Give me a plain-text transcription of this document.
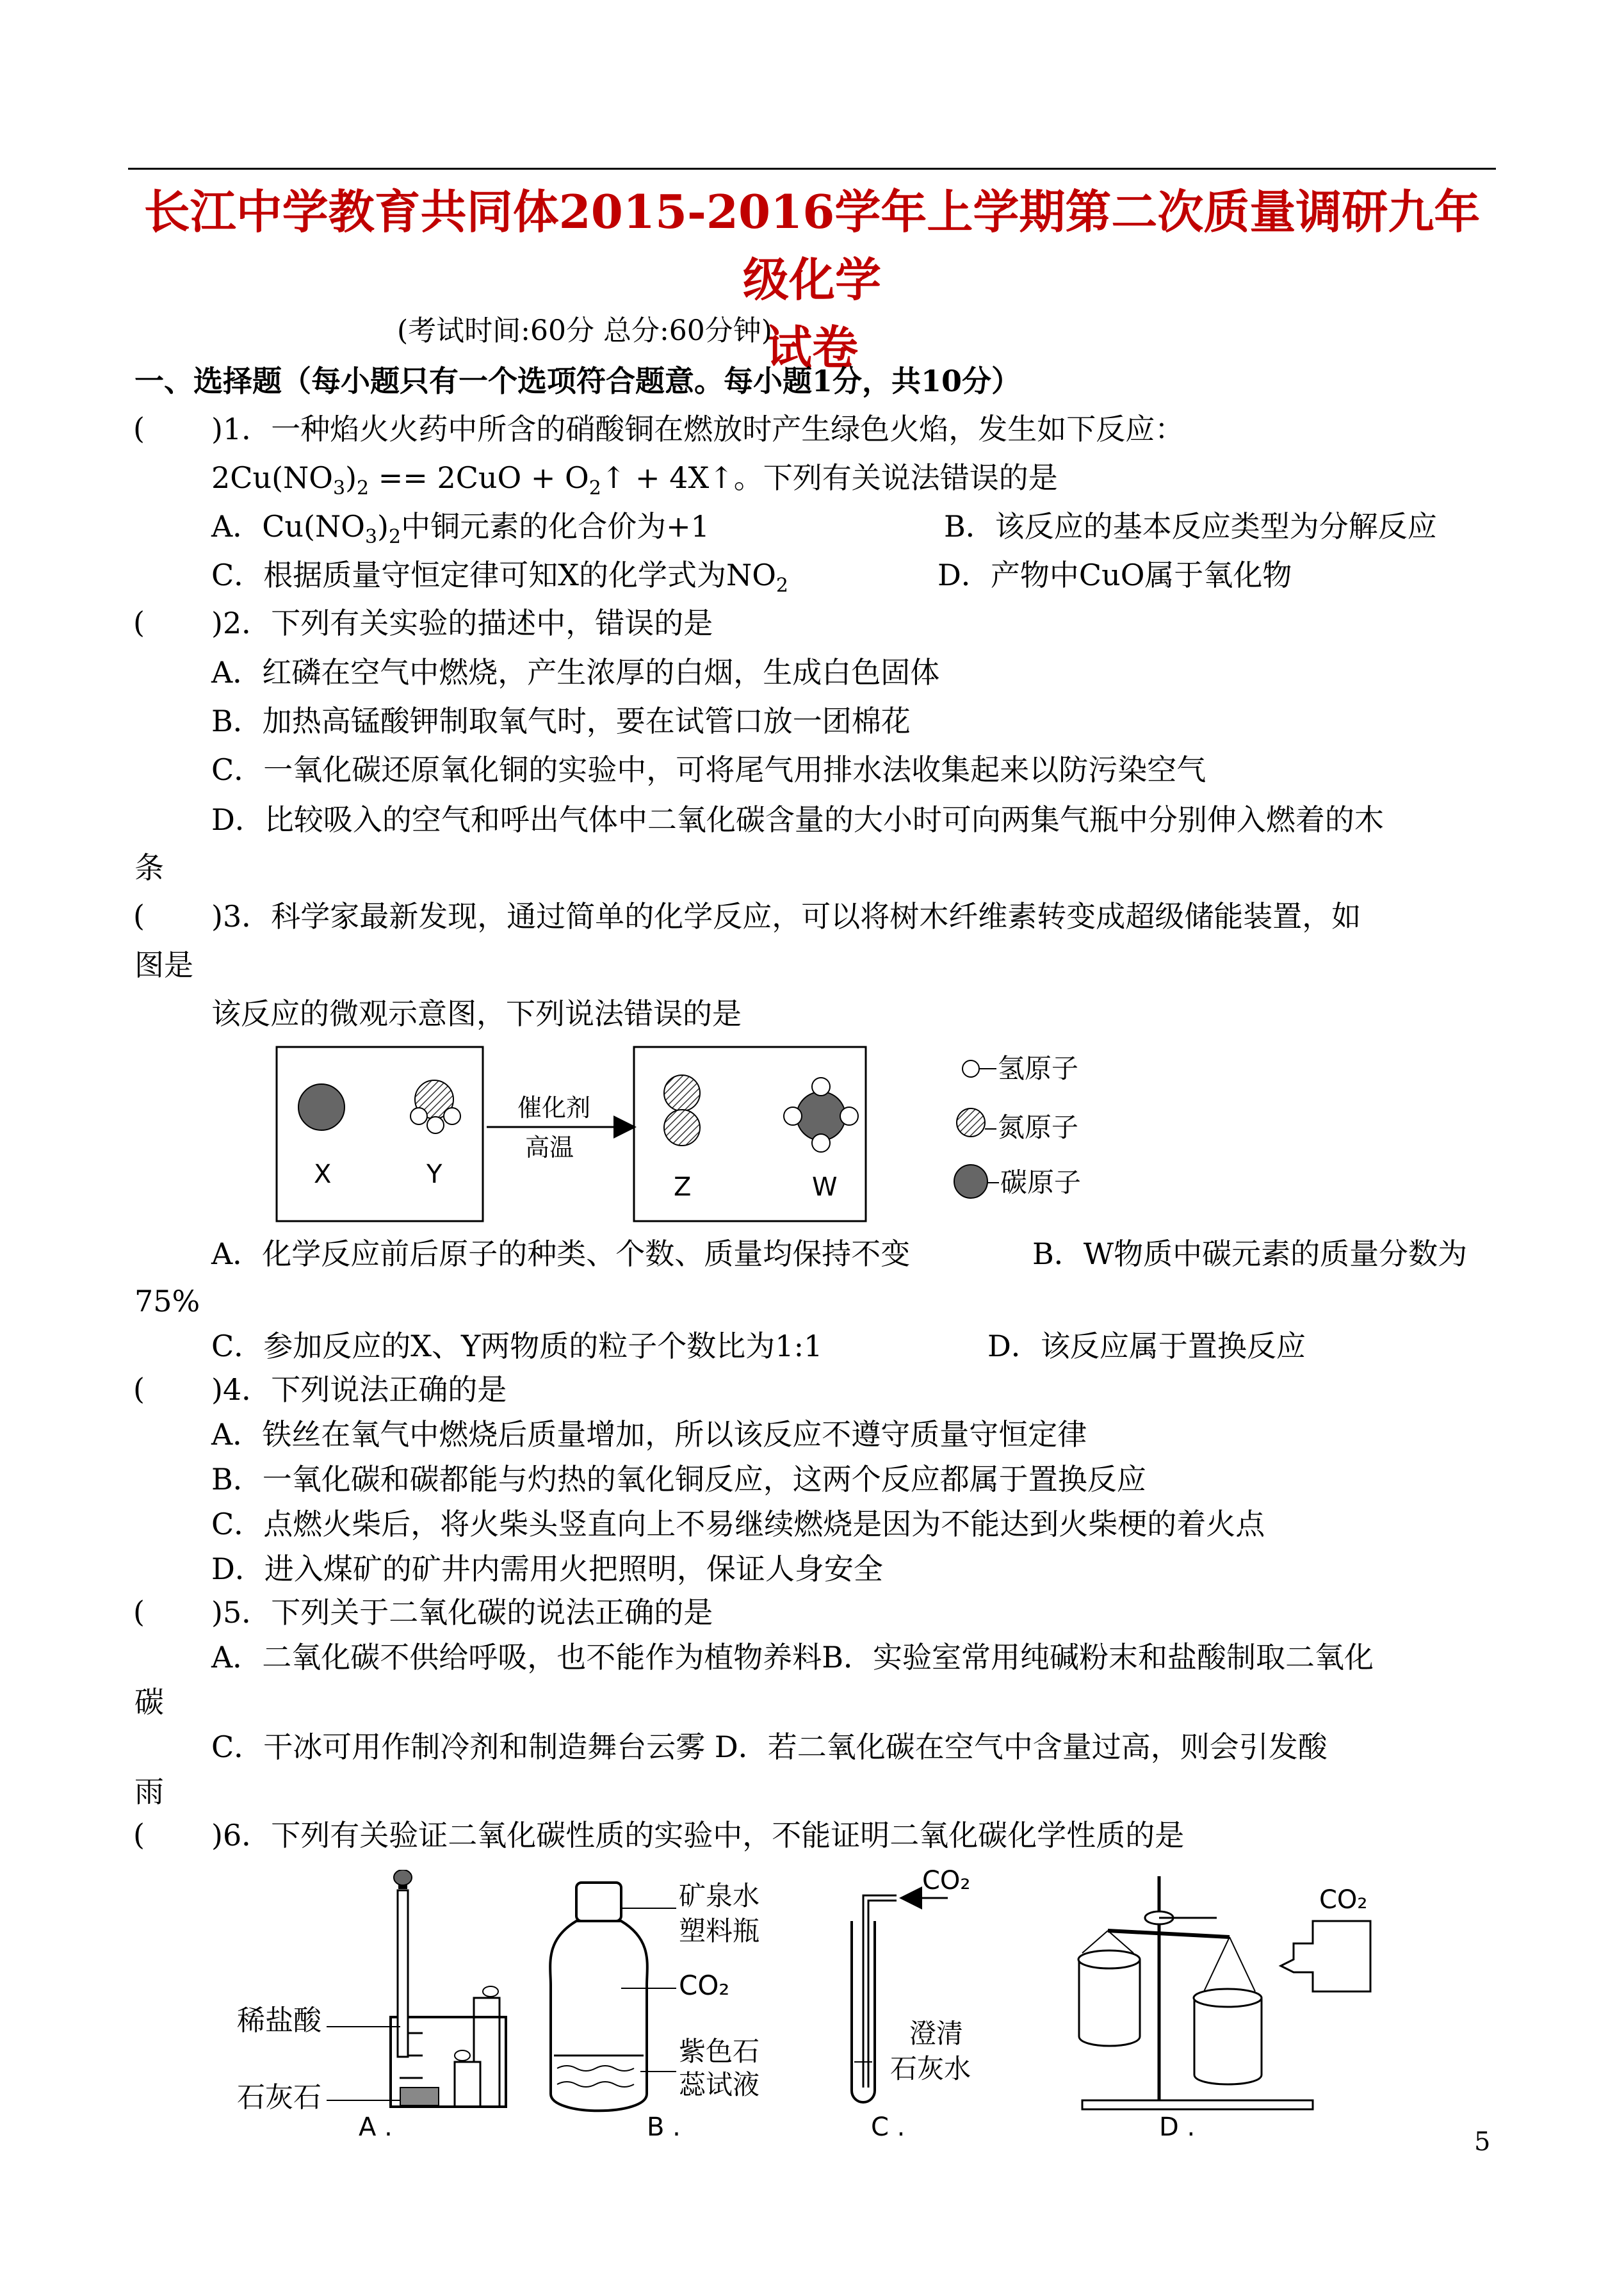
长江中学教育共同体2015-2016学年上学期第二次质量调研九年级化学
试卷
(考试时间:60分 总分:60分钟)
一、选择题（每小题只有一个选项符合题意。每小题1分，共10分）
( )1．一种焰火火药中所含的硝酸铜在燃放时产生绿色火焰，发生如下反应：
$2Cu(NO_3)_2 == 2CuO$ + $O_2↑$ + 4X↑。下列有关说法错误的是
A．$Cu(NO_3)_2$中铜元素的化合价为+1	B．该反应的基本反应类型为分解反应
C．根据质量守恒定律可知X的化学式为$NO_2$	D．产物中CuO属于氧化物
( )2．下列有关实验的描述中，错误的是
A．红磷在空气中燃烧，产生浓厚的白烟，生成白色固体
B．加热高锰酸钾制取氧气时，要在试管口放一团棉花
C．一氧化碳还原氧化铜的实验中，可将尾气用排水法收集起来以防污染空气
D．比较吸入的空气和呼出气体中二氧化碳含量的大小时可向两集气瓶中分别伸入燃着的木
条
( )3．科学家最新发现，通过简单的化学反应，可以将树木纤维素转变成超级储能装置，如
图是
该反应的微观示意图，下列说法错误的是
X	Y
催化剂
高温
Z	W
氢原子
氮原子
碳原子
A．化学反应前后原子的种类、个数、质量均保持不变	B．W物质中碳元素的质量分数为
75%
C．参加反应的X、Y两物质的粒子个数比为1:1	D．该反应属于置换反应
( )4．下列说法正确的是
A．铁丝在氧气中燃烧后质量增加，所以该反应不遵守质量守恒定律
B．一氧化碳和碳都能与灼热的氧化铜反应，这两个反应都属于置换反应
C．点燃火柴后，将火柴头竖直向上不易继续燃烧是因为不能达到火柴梗的着火点
D．进入煤矿的矿井内需用火把照明，保证人身安全
( )5．下列关于二氧化碳的说法正确的是
A．二氧化碳不供给呼吸，也不能作为植物养料B．实验室常用纯碱粉末和盐酸制取二氧化
碳
C．干冰可用作制冷剂和制造舞台云雾 D．若二氧化碳在空气中含量过高，则会引发酸
雨
( )6．下列有关验证二氧化碳性质的实验中，不能证明二氧化碳化学性质的是
稀盐酸
石灰石
A .
矿泉水
塑料瓶
CO₂
紫色石
蕊试液
B .
CO₂
澄清
石灰水
C .
CO₂
D .	5
